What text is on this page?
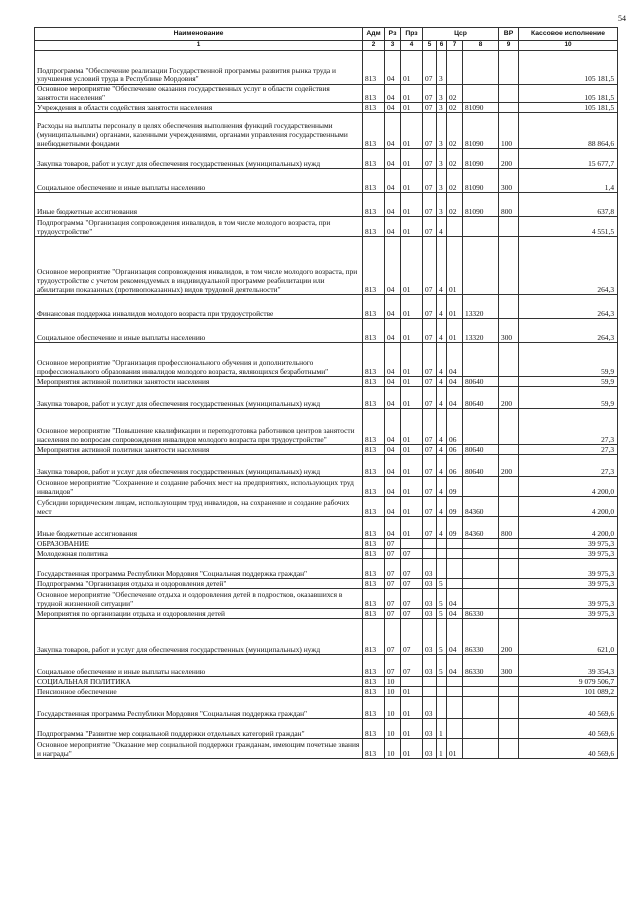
54
Наименование	Адм	Рз	Прз	Цср				ВР	Кассовое исполнение
1	2	3	4	5	6	7	8	9	10
Подпрограмма "Обеспечение реализации Государственной программы развития рынка труда и улучшения условий труда в Республике Мордовия"	813	04	01	07	3				105 181,5
Основное мероприятие "Обеспечение оказания государственных услуг в области содействия занятости населения"	813	04	01	07	3	02			105 181,5
Учреждения в области содействия занятости населения	813	04	01	07	3	02	81090		105 181,5
Расходы на выплаты персоналу в целях обеспечения выполнения функций государственными (муниципальными) органами, казенными учреждениями, органами управления государственными внебюджетными фондами	813	04	01	07	3	02	81090	100	88 864,6
Закупка товаров, работ и услуг для обеспечения государственных (муниципальных) нужд	813	04	01	07	3	02	81090	200	15 677,7
Социальное обеспечение и иные выплаты населению	813	04	01	07	3	02	81090	300	1,4
Иные бюджетные ассигнования	813	04	01	07	3	02	81090	800	637,8
Подпрограмма "Организация сопровождения инвалидов, в том числе молодого возраста, при трудоустройстве"	813	04	01	07	4				4 551,5
Основное мероприятие "Организация сопровождения инвалидов, в том числе молодого возраста, при трудоустройстве с учетом рекомендуемых в индивидуальной программе реабилитации или абилитации показанных (противопоказанных) видов трудовой деятельности"	813	04	01	07	4	01			264,3
Финансовая поддержка инвалидов молодого возраста при трудоустройстве	813	04	01	07	4	01	13320		264,3
Социальное обеспечение и иные выплаты населению	813	04	01	07	4	01	13320	300	264,3
Основное мероприятие "Организация профессионального обучения и дополнительного профессионального образования инвалидов молодого возраста, являющихся безработными"	813	04	01	07	4	04			59,9
Мероприятия активной политики занятости населения	813	04	01	07	4	04	80640		59,9
Закупка товаров, работ и услуг для обеспечения государственных (муниципальных) нужд	813	04	01	07	4	04	80640	200	59,9
Основное мероприятие "Повышение квалификации и переподготовка работников центров занятости населения по вопросам сопровождения инвалидов молодого возраста при трудоустройстве"	813	04	01	07	4	06			27,3
Мероприятия активной политики занятости населения	813	04	01	07	4	06	80640		27,3
Закупка товаров, работ и услуг для обеспечения государственных (муниципальных) нужд	813	04	01	07	4	06	80640	200	27,3
Основное мероприятие "Сохранение и создание рабочих мест на предприятиях, использующих труд инвалидов"	813	04	01	07	4	09			4 200,0
Субсидии юридическим лицам, использующим труд инвалидов, на сохранение и создание рабочих мест	813	04	01	07	4	09	84360		4 200,0
Иные бюджетные ассигнования	813	04	01	07	4	09	84360	800	4 200,0
ОБРАЗОВАНИЕ	813	07							39 975,3
Молодежная политика	813	07	07						39 975,3
Государственная программа Республики Мордовия "Социальная поддержка граждан"	813	07	07	03					39 975,3
Подпрограмма "Организация отдыха и оздоровления детей"	813	07	07	03	5				39 975,3
Основное мероприятие "Обеспечение отдыха и оздоровления детей в подростков, оказавшихся в трудной жизненной ситуации"	813	07	07	03	5	04			39 975,3
Мероприятия по организации отдыха и оздоровления детей	813	07	07	03	5	04	86330		39 975,3
Закупка товаров, работ и услуг для обеспечения государственных (муниципальных) нужд	813	07	07	03	5	04	86330	200	621,0
Социальное обеспечение и иные выплаты населению	813	07	07	03	5	04	86330	300	39 354,3
СОЦИАЛЬНАЯ ПОЛИТИКА	813	10							9 079 506,7
Пенсионное обеспечение	813	10	01						101 089,2
Государственная программа Республики Мордовия "Социальная поддержка граждан"	813	10	01	03					40 569,6
Подпрограмма "Развитие мер социальной поддержки отдельных категорий граждан"	813	10	01	03	1				40 569,6
Основное мероприятие "Оказание мер социальной поддержки гражданам, имеющим почетные звания и награды"	813	10	01	03	1	01			40 569,6
